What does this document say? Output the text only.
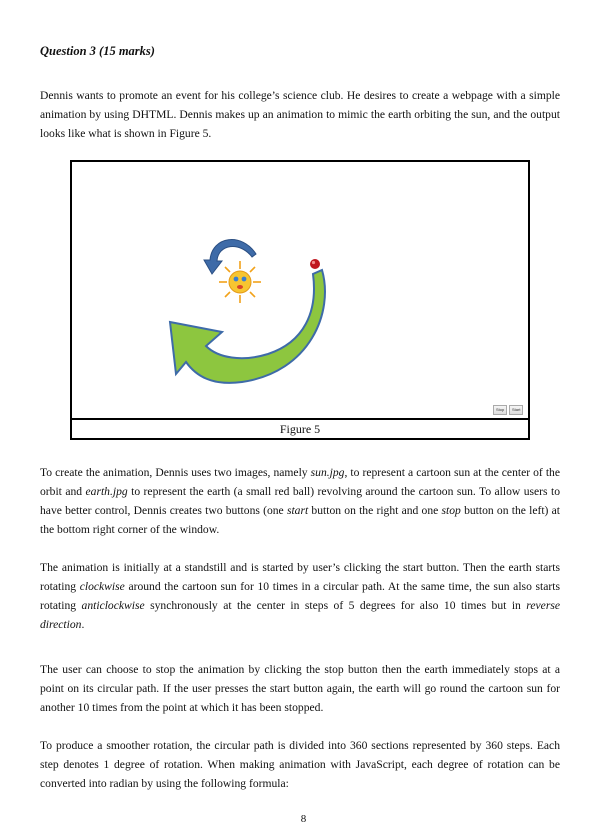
Question 3 (15 marks)

Dennis wants to promote an event for his college’s science club. He desires to create a webpage with a simple animation by using DHTML. Dennis makes up an animation to mimic the earth orbiting the sun, and the output looks like what is shown in Figure 5.

Stop	Start
Figure 5

To create the animation, Dennis uses two images, namely sun.jpg, to represent a cartoon sun at the center of the orbit and earth.jpg to represent the earth (a small red ball) revolving around the cartoon sun. To allow users to have better control, Dennis creates two buttons (one start button on the right and one stop button on the left) at the bottom right corner of the window.

The animation is initially at a standstill and is started by user’s clicking the start button. Then the earth starts rotating clockwise around the cartoon sun for 10 times in a circular path. At the same time, the sun also starts rotating anticlockwise synchronously at the center in steps of 5 degrees for also 10 times but in reverse direction.

The user can choose to stop the animation by clicking the stop button then the earth immediately stops at a point on its circular path. If the user presses the start button again, the earth will go round the cartoon sun for another 10 times from the point at which it has been stopped.

To produce a smoother rotation, the circular path is divided into 360 sections represented by 360 steps. Each step denotes 1 degree of rotation. When making animation with JavaScript, each degree of rotation can be converted into radian by using the following formula:

8
